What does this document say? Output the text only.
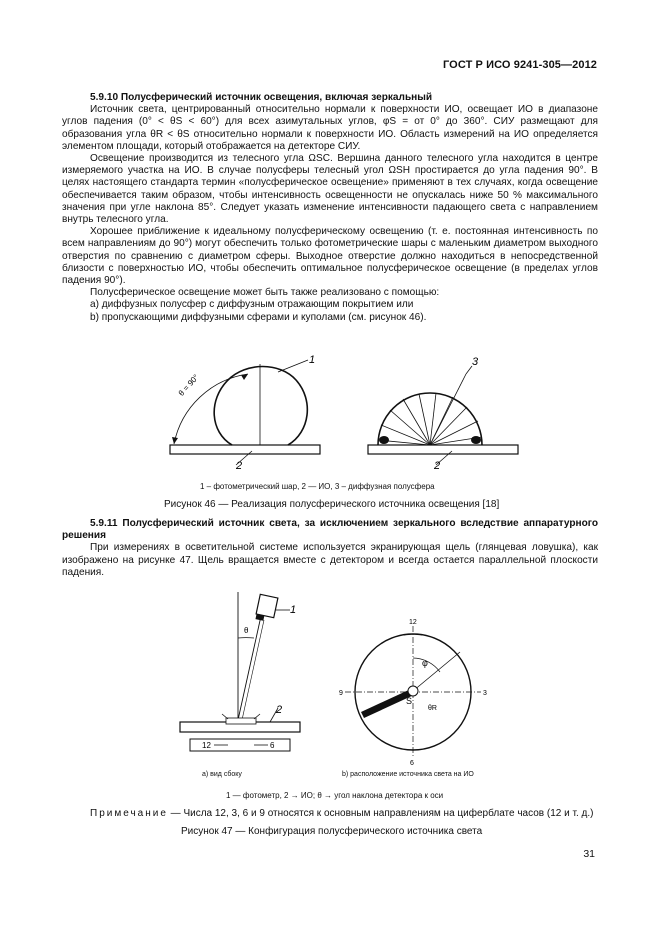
ГОСТ Р ИСО 9241-305—2012

5.9.10 Полусферический источник освещения, включая зеркальный

Источник света, центрированный относительно нормали к поверхности ИО, освещает ИО в диапазоне углов падения (0° < θS < 60°) для всех азимутальных углов, φS = от 0° до 360°. СИУ размещают для образования угла θR < θS относительно нормали к поверхности ИО. Область измерений на ИО определяется элементом площади, который отображается на детекторе СИУ.

Освещение производится из телесного угла ΩSC. Вершина данного телесного угла находится в центре измеряемого участка на ИО. В случае полусферы телесный угол ΩSH простирается до угла падения 90°. В целях настоящего стандарта термин «полусферическое освещение» применяют в тех случаях, когда освещение обеспечивается таким образом, чтобы интенсивность освещенности не опускалась ниже 50 % максимального значения при угле наклона 85°. Следует указать изменение интенсивности падающего света с направлением внутрь телесного угла.

Хорошее приближение к идеальному полусферическому освещению (т. е. постоянная интенсивность по всем направлениям до 90°) могут обеспечить только фотометрические шары с маленьким диаметром выходного отверстия по сравнению с диаметром сферы. Выходное отверстие должно находиться в непосредственной близости с поверхностью ИО, чтобы обеспечить оптимальное полусферическое освещение (в пределах углов падения 90°).

Полусферическое освещение может быть также реализовано с помощью:

a) диффузных полусфер с диффузным отражающим покрытием или

b) пропускающими диффузными сферами и куполами (см. рисунок 46).

θ = 90°
1
2
3
2
1 – фотометрический шар, 2 — ИО, 3 – диффузная полусфера
Рисунок 46 — Реализация полусферического источника освещения [18]

5.9.11 Полусферический источник света, за исключением зеркального вследствие аппаратурного решения

При измерениях в осветительной системе используется экранирующая щель (глянцевая ловушка), как изображено на рисунке 47. Щель вращается вместе с детектором и всегда остается параллельной плоскости падения.

1
θ
2
12	6
12
3
6
9
φ
S
θR
a) вид сбоку	b) расположение источника света на ИО
1 — фотометр, 2 → ИО; θ → угол наклона детектора к оси
Примечание — Числа 12, 3, 6 и 9 относятся к основным направлениям на циферблате часов (12 и т. д.)
Рисунок 47 — Конфигурация полусферического источника света
31
